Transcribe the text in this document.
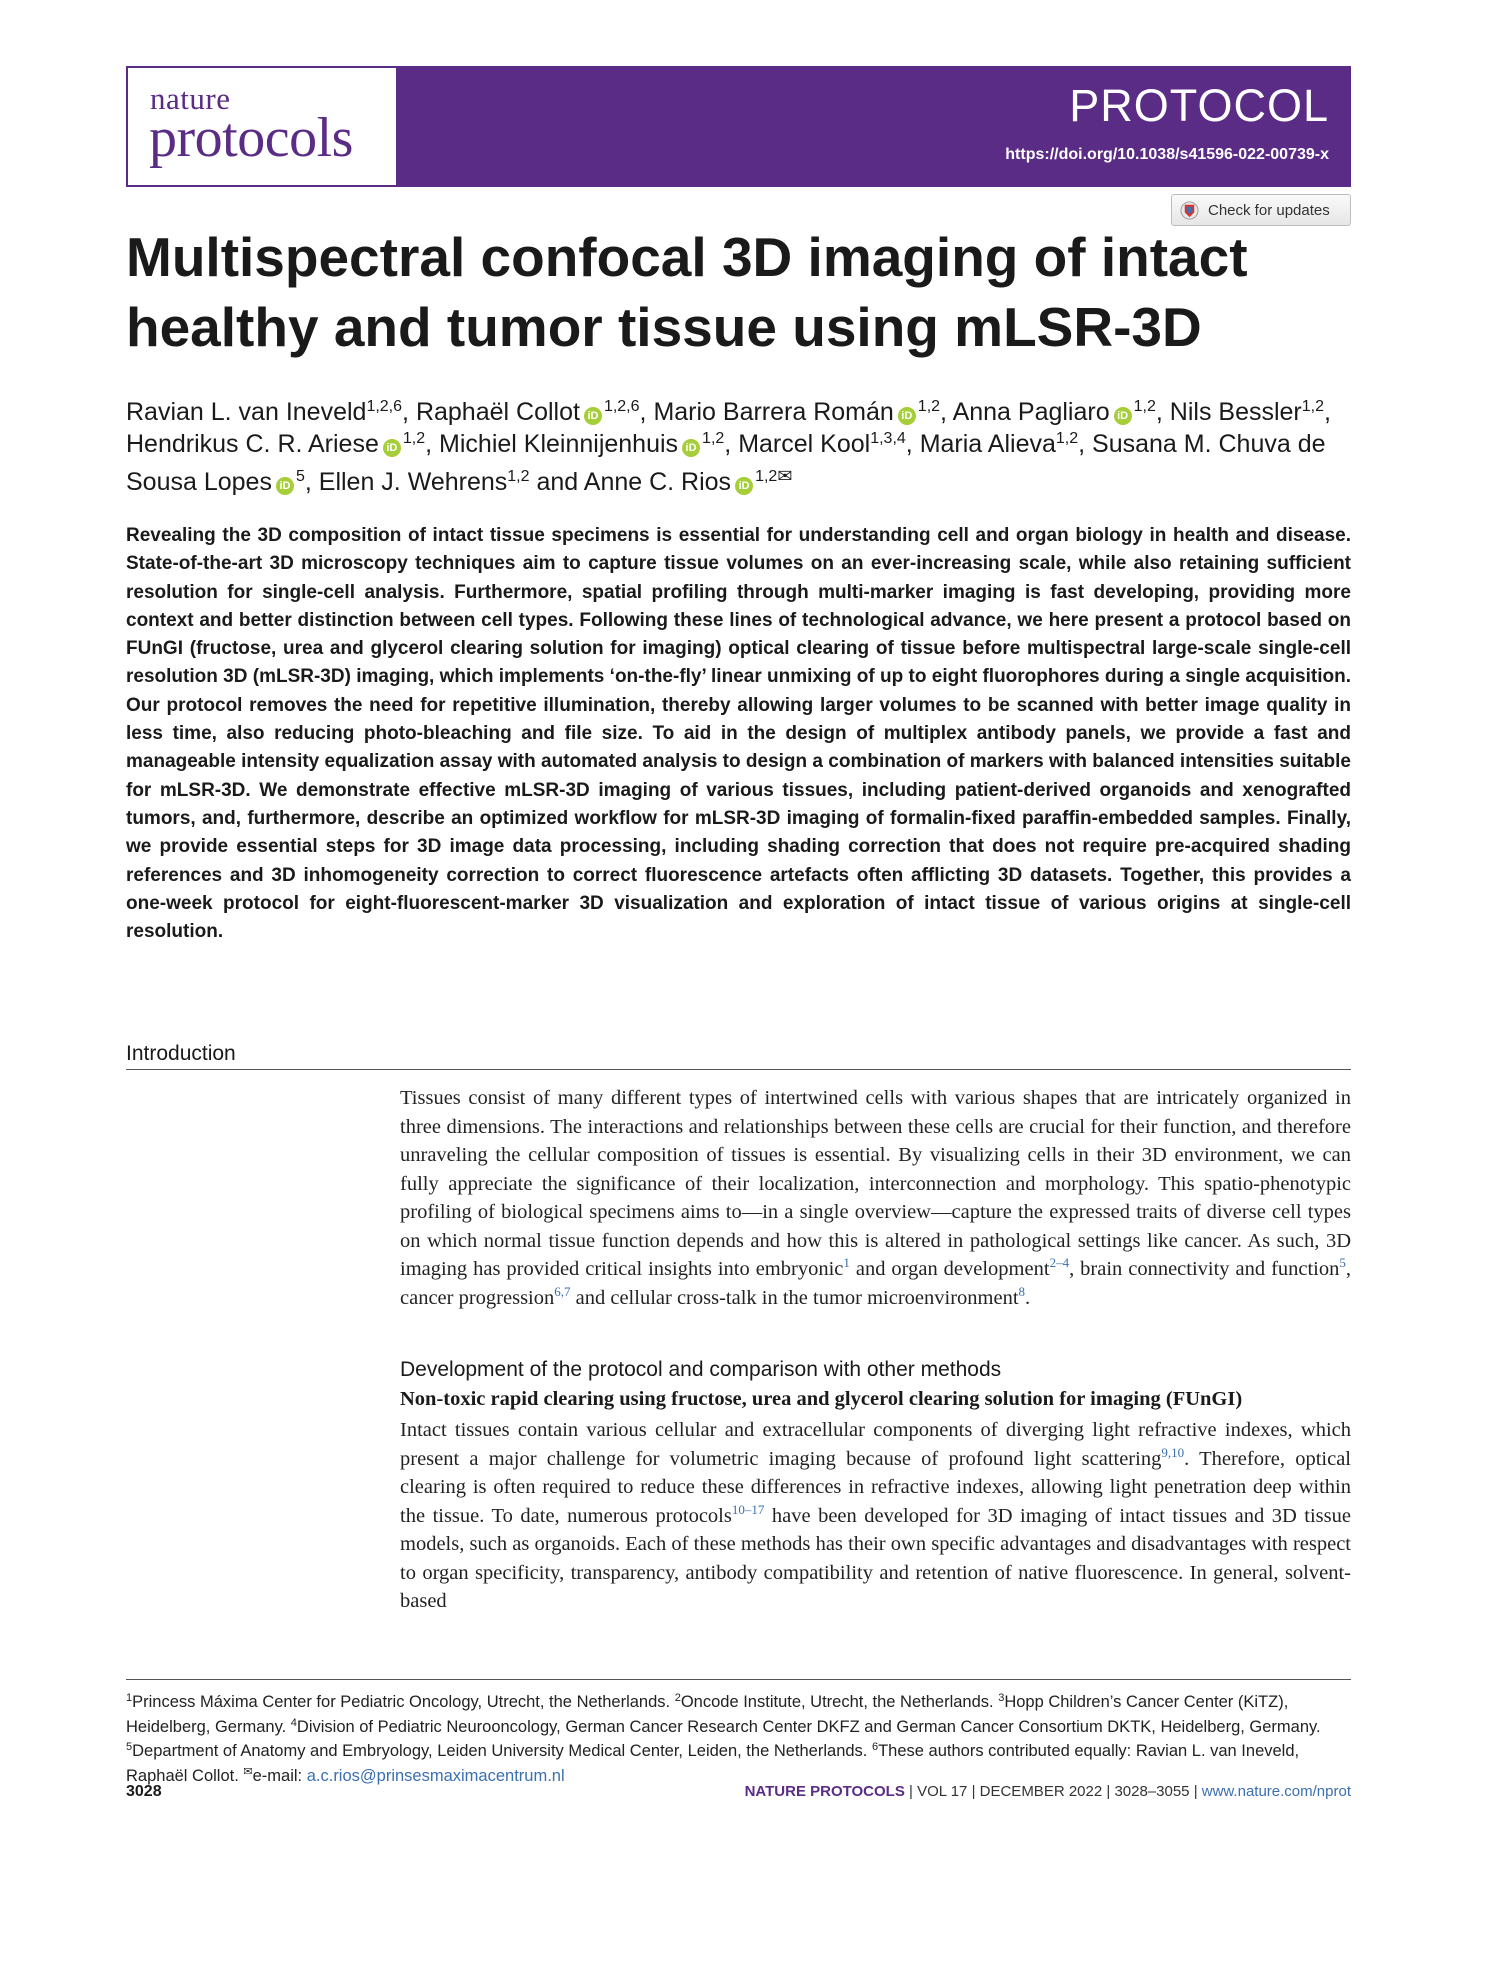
PROTOCOL
https://doi.org/10.1038/s41596-022-00739-x
nature
protocols
Check for updates
Multispectral confocal 3D imaging of intact healthy and tumor tissue using mLSR-3D
Ravian L. van Ineveld$^{1,2,6}$, Raphaël Collot iD$^{1,2,6}$, Mario Barrera Román iD$^{1,2}$, Anna Pagliaro iD$^{1,2}$, Nils Bessler$^{1,2}$, Hendrikus C. R. Ariese iD$^{1,2}$, Michiel Kleinnijenhuis iD$^{1,2}$, Marcel Kool$^{1,3,4}$, Maria Alieva$^{1,2}$, Susana M. Chuva de Sousa Lopes $iD^5$, Ellen J. Wehrens$^{1,2}$ and Anne C. Rios $iD^{1,2✉}$
Revealing the 3D composition of intact tissue specimens is essential for understanding cell and organ biology in health and disease. State-of-the-art 3D microscopy techniques aim to capture tissue volumes on an ever-increasing scale, while also retaining sufficient resolution for single-cell analysis. Furthermore, spatial profiling through multi-marker imaging is fast developing, providing more context and better distinction between cell types. Following these lines of technological advance, we here present a protocol based on FUnGI (fructose, urea and glycerol clearing solution for imaging) optical clearing of tissue before multispectral large-scale single-cell resolution 3D (mLSR-3D) imaging, which implements ‘on-the-fly’ linear unmixing of up to eight fluorophores during a single acquisition. Our protocol removes the need for repetitive illumination, thereby allowing larger volumes to be scanned with better image quality in less time, also reducing photo-bleaching and file size. To aid in the design of multiplex antibody panels, we provide a fast and manageable intensity equalization assay with automated analysis to design a combination of markers with balanced intensities suitable for mLSR-3D. We demonstrate effective mLSR-3D imaging of various tissues, including patient-derived organoids and xenografted tumors, and, furthermore, describe an optimized workflow for mLSR-3D imaging of formalin-fixed paraffin-embedded samples. Finally, we provide essential steps for 3D image data processing, including shading correction that does not require pre-acquired shading references and 3D inhomogeneity correction to correct fluorescence artefacts often afflicting 3D datasets. Together, this provides a one-week protocol for eight-fluorescent-marker 3D visualization and exploration of intact tissue of various origins at single-cell resolution.
Introduction
Tissues consist of many different types of intertwined cells with various shapes that are intricately organized in three dimensions. The interactions and relationships between these cells are crucial for their function, and therefore unraveling the cellular composition of tissues is essential. By visualizing cells in their 3D environment, we can fully appreciate the significance of their localization, interconnection and morphology. This spatio-phenotypic profiling of biological specimens aims to—in a single overview—capture the expressed traits of diverse cell types on which normal tissue function depends and how this is altered in pathological settings like cancer. As such, 3D imaging has provided critical insights into embryonic$^1$ and organ development$^{2-4}$, brain connectivity and function$^5$, cancer progression$^{6,7}$ and cellular cross-talk in the tumor microenvironment$^8$.
Development of the protocol and comparison with other methods
Non-toxic rapid clearing using fructose, urea and glycerol clearing solution for imaging (FUnGI)
Intact tissues contain various cellular and extracellular components of diverging light refractive indexes, which present a major challenge for volumetric imaging because of profound light scattering$^{9,10}$. Therefore, optical clearing is often required to reduce these differences in refractive indexes, allowing light penetration deep within the tissue. To date, numerous protocols$^{10-17}$ have been developed for 3D imaging of intact tissues and 3D tissue models, such as organoids. Each of these methods has their own specific advantages and disadvantages with respect to organ specificity, transparency, antibody compatibility and retention of native fluorescence. In general, solvent-based
$^1$Princess Máxima Center for Pediatric Oncology, Utrecht, the Netherlands. $^2$Oncode Institute, Utrecht, the Netherlands. $^3$Hopp Children’s Cancer Center (KiTZ), Heidelberg, Germany. $^4$Division of Pediatric Neurooncology, German Cancer Research Center DKFZ and German Cancer Consortium DKTK, Heidelberg, Germany. $^5$Department of Anatomy and Embryology, Leiden University Medical Center, Leiden, the Netherlands. $^6$These authors contributed equally: Ravian L. van Ineveld, Raphaël Collot. ✉e-mail: a.c.rios@prinsesmaximacentrum.nl
3028	NATURE PROTOCOLS | VOL 17 | DECEMBER 2022 | 3028–3055 | www.nature.com/nprot
